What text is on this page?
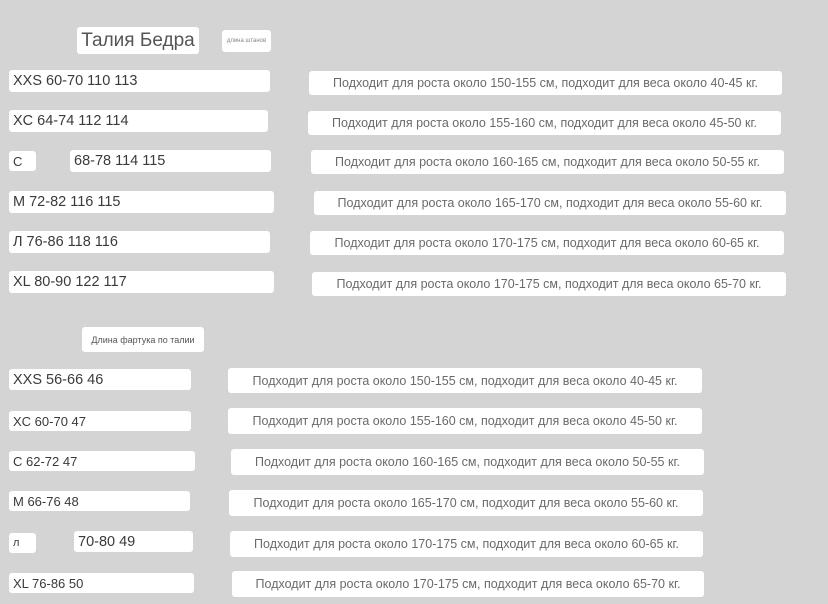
Талия Бедра	длина штанов
XXS 60-70 110 113	Подходит для роста около 150-155 см, подходит для веса около 40-45 кг.
XC 64-74 112 114	Подходит для роста около 155-160 см, подходит для веса около 45-50 кг.
С	68-78 114 115	Подходит для роста около 160-165 см, подходит для веса около 50-55 кг.
M 72-82 116 115	Подходит для роста около 165-170 см, подходит для веса около 55-60 кг.
Л 76-86 118 116	Подходит для роста около 170-175 см, подходит для веса около 60-65 кг.
XL 80-90 122 117	Подходит для роста около 170-175 см, подходит для веса около 65-70 кг.
Длина фартука по талии
XXS 56-66 46	Подходит для роста около 150-155 см, подходит для веса около 40-45 кг.
XC 60-70 47	Подходит для роста около 155-160 см, подходит для веса около 45-50 кг.
С 62-72 47	Подходит для роста около 160-165 см, подходит для веса около 50-55 кг.
M 66-76 48	Подходит для роста около 165-170 см, подходит для веса около 55-60 кг.
л	70-80 49	Подходит для роста около 170-175 см, подходит для веса около 60-65 кг.
XL 76-86 50	Подходит для роста около 170-175 см, подходит для веса около 65-70 кг.
